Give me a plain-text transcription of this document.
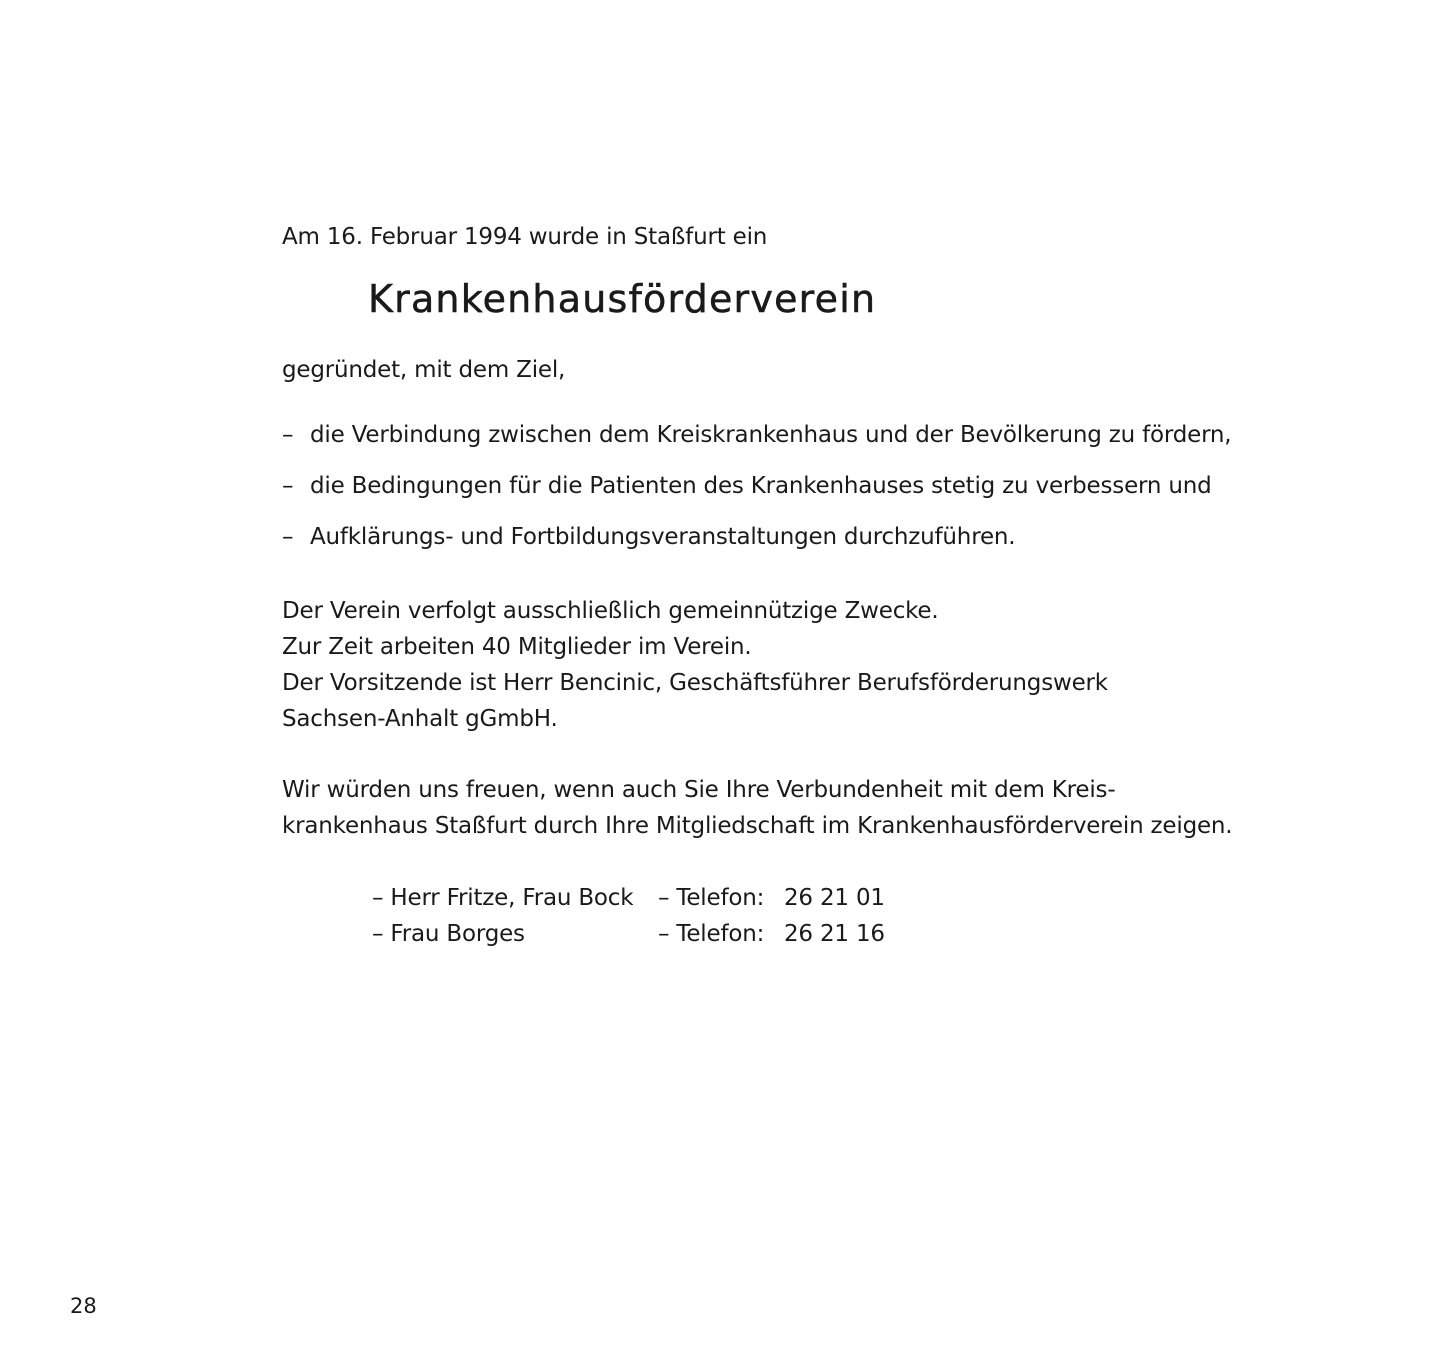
Am 16. Februar 1994 wurde in Staßfurt ein
Krankenhausförderverein
gegründet, mit dem Ziel,
– die Verbindung zwischen dem Kreiskrankenhaus und der Bevölkerung zu fördern,
– die Bedingungen für die Patienten des Krankenhauses stetig zu verbessern und
– Aufklärungs- und Fortbildungsveranstaltungen durchzuführen.
Der Verein verfolgt ausschließlich gemeinnützige Zwecke.
Zur Zeit arbeiten 40 Mitglieder im Verein.
Der Vorsitzende ist Herr Bencinic, Geschäftsführer Berufsförderungswerk
Sachsen-Anhalt gGmbH.
Wir würden uns freuen, wenn auch Sie Ihre Verbundenheit mit dem Kreis-
krankenhaus Staßfurt durch Ihre Mitgliedschaft im Krankenhausförderverein zeigen.
– Herr Fritze, Frau Bock	– Telefon: 26 21 01
– Frau Borges	– Telefon: 26 21 16
28
